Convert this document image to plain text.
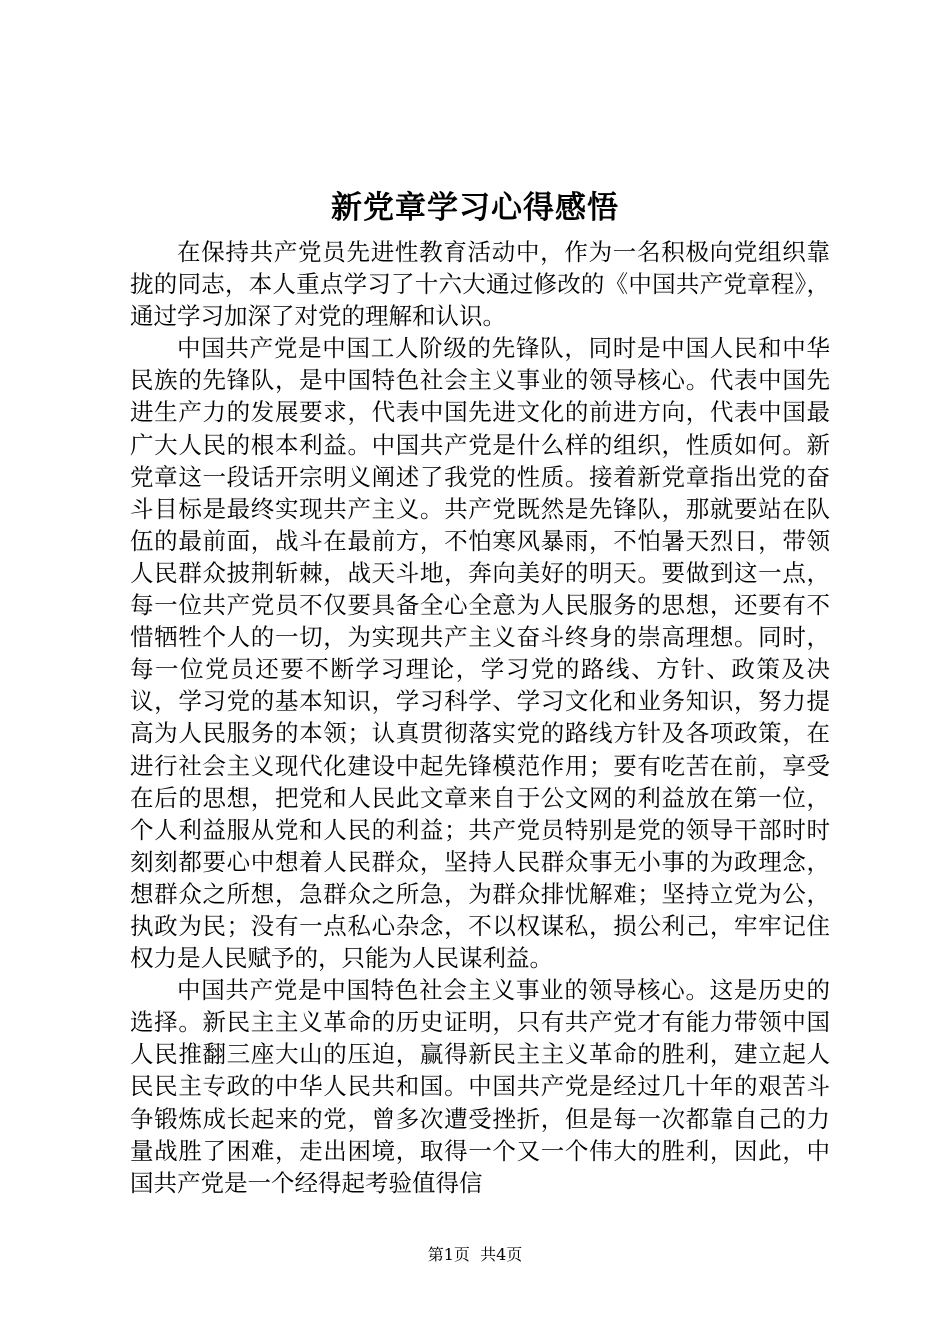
新党章学习心得感悟

在保持共产党员先进性教育活动中，作为一名积极向党组织靠拢的同志，本人重点学习了十六大通过修改的《中国共产党章程》，通过学习加深了对党的理解和认识。

中国共产党是中国工人阶级的先锋队，同时是中国人民和中华民族的先锋队，是中国特色社会主义事业的领导核心。代表中国先进生产力的发展要求，代表中国先进文化的前进方向，代表中国最广大人民的根本利益。中国共产党是什么样的组织，性质如何。新党章这一段话开宗明义阐述了我党的性质。接着新党章指出党的奋斗目标是最终实现共产主义。共产党既然是先锋队，那就要站在队伍的最前面，战斗在最前方，不怕寒风暴雨，不怕暑天烈日，带领人民群众披荆斩棘，战天斗地，奔向美好的明天。要做到这一点，每一位共产党员不仅要具备全心全意为人民服务的思想，还要有不惜牺牲个人的一切，为实现共产主义奋斗终身的崇高理想。同时，每一位党员还要不断学习理论，学习党的路线、方针、政策及决议，学习党的基本知识，学习科学、学习文化和业务知识，努力提高为人民服务的本领；认真贯彻落实党的路线方针及各项政策，在进行社会主义现代化建设中起先锋模范作用；要有吃苦在前，享受在后的思想，把党和人民此文章来自于公文网的利益放在第一位，个人利益服从党和人民的利益；共产党员特别是党的领导干部时时刻刻都要心中想着人民群众，坚持人民群众事无小事的为政理念，想群众之所想，急群众之所急，为群众排忧解难；坚持立党为公，执政为民；没有一点私心杂念，不以权谋私，损公利己，牢牢记住权力是人民赋予的，只能为人民谋利益。

中国共产党是中国特色社会主义事业的领导核心。这是历史的选择。新民主主义革命的历史证明，只有共产党才有能力带领中国人民推翻三座大山的压迫，赢得新民主主义革命的胜利，建立起人民民主专政的中华人民共和国。中国共产党是经过几十年的艰苦斗争锻炼成长起来的党，曾多次遭受挫折，但是每一次都靠自己的力量战胜了困难，走出困境，取得一个又一个伟大的胜利，因此，中国共产党是一个经得起考验值得信

第1页 共4页
